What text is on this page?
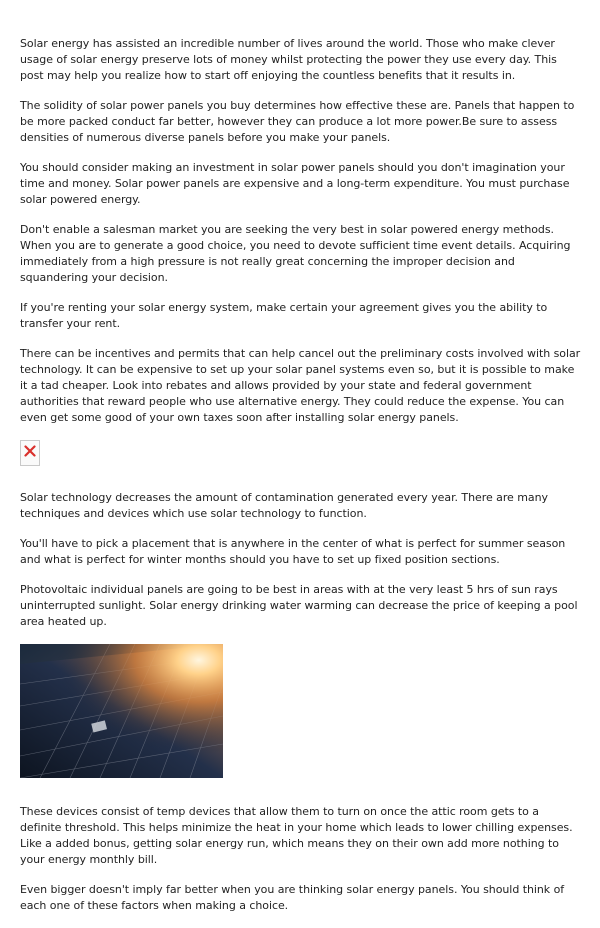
Solar energy has assisted an incredible number of lives around the world. Those who make clever usage of solar energy preserve lots of money whilst protecting the power they use every day. This post may help you realize how to start off enjoying the countless benefits that it results in.

The solidity of solar power panels you buy determines how effective these are. Panels that happen to be more packed conduct far better, however they can produce a lot more power.Be sure to assess densities of numerous diverse panels before you make your panels.

You should consider making an investment in solar power panels should you don't imagination your time and money. Solar power panels are expensive and a long-term expenditure. You must purchase solar powered energy.

Don't enable a salesman market you are seeking the very best in solar powered energy methods. When you are to generate a good choice, you need to devote sufficient time event details. Acquiring immediately from a high pressure is not really great concerning the improper decision and squandering your decision.

If you're renting your solar energy system, make certain your agreement gives you the ability to transfer your rent.

There can be incentives and permits that can help cancel out the preliminary costs involved with solar technology. It can be expensive to set up your solar panel systems even so, but it is possible to make it a tad cheaper. Look into rebates and allows provided by your state and federal government authorities that reward people who use alternative energy. They could reduce the expense. You can even get some good of your own taxes soon after installing solar energy panels.

Solar technology decreases the amount of contamination generated every year. There are many techniques and devices which use solar technology to function.

You'll have to pick a placement that is anywhere in the center of what is perfect for summer season and what is perfect for winter months should you have to set up fixed position sections.

Photovoltaic individual panels are going to be best in areas with at the very least 5 hrs of sun rays uninterrupted sunlight. Solar energy drinking water warming can decrease the price of keeping a pool area heated up.

These devices consist of temp devices that allow them to turn on once the attic room gets to a definite threshold. This helps minimize the heat in your home which leads to lower chilling expenses. Like a added bonus, getting solar energy run, which means they on their own add more nothing to your energy monthly bill.

Even bigger doesn't imply far better when you are thinking solar energy panels. You should think of each one of these factors when making a choice.
